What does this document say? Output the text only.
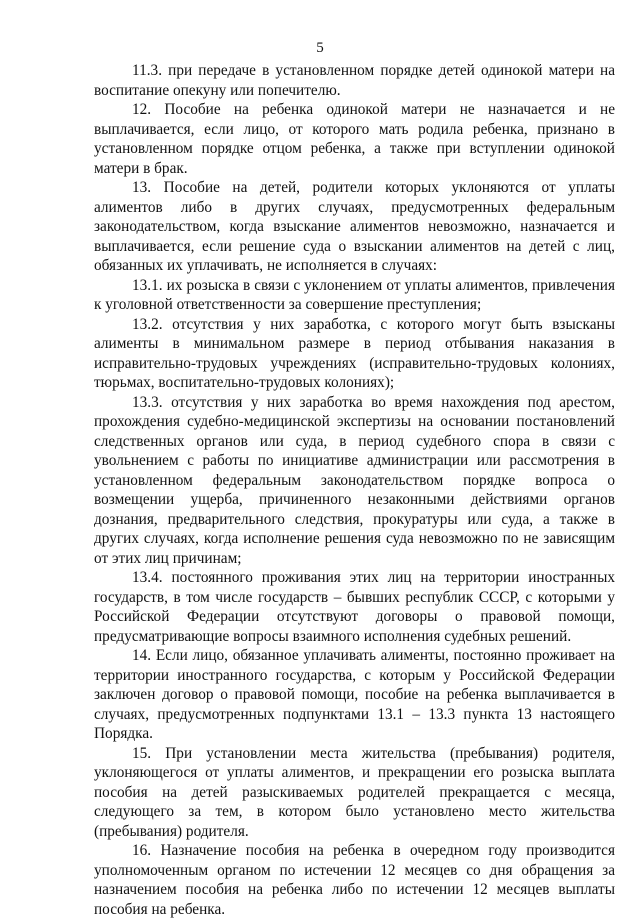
5

11.3. при передаче в установленном порядке детей одинокой матери на воспитание опекуну или попечителю.

12. Пособие на ребенка одинокой матери не назначается и не выплачивается, если лицо, от которого мать родила ребенка, признано в установленном порядке отцом ребенка, а также при вступлении одинокой матери в брак.

13. Пособие на детей, родители которых уклоняются от уплаты алиментов либо в других случаях, предусмотренных федеральным законодательством, когда взыскание алиментов невозможно, назначается и выплачивается, если решение суда о взыскании алиментов на детей с лиц, обязанных их уплачивать, не исполняется в случаях:

13.1. их розыска в связи с уклонением от уплаты алиментов, привлечения к уголовной ответственности за совершение преступления;

13.2. отсутствия у них заработка, с которого могут быть взысканы алименты в минимальном размере в период отбывания наказания в исправительно-трудовых учреждениях (исправительно-трудовых колониях, тюрьмах, воспитательно-трудовых колониях);

13.3. отсутствия у них заработка во время нахождения под арестом, прохождения судебно-медицинской экспертизы на основании постановлений следственных органов или суда, в период судебного спора в связи с увольнением с работы по инициативе администрации или рассмотрения в установленном федеральным законодательством порядке вопроса о возмещении ущерба, причиненного незаконными действиями органов дознания, предварительного следствия, прокуратуры или суда, а также в других случаях, когда исполнение решения суда невозможно по не зависящим от этих лиц причинам;

13.4. постоянного проживания этих лиц на территории иностранных государств, в том числе государств – бывших республик СССР, с которыми у Российской Федерации отсутствуют договоры о правовой помощи, предусматривающие вопросы взаимного исполнения судебных решений.

14. Если лицо, обязанное уплачивать алименты, постоянно проживает на территории иностранного государства, с которым у Российской Федерации заключен договор о правовой помощи, пособие на ребенка выплачивается в случаях, предусмотренных подпунктами 13.1 – 13.3 пункта 13 настоящего Порядка.

15. При установлении места жительства (пребывания) родителя, уклоняющегося от уплаты алиментов, и прекращении его розыска выплата пособия на детей разыскиваемых родителей прекращается с месяца, следующего за тем, в котором было установлено место жительства (пребывания) родителя.

16. Назначение пособия на ребенка в очередном году производится уполномоченным органом по истечении 12 месяцев со дня обращения за назначением пособия на ребенка либо по истечении 12 месяцев выплаты пособия на ребенка.
